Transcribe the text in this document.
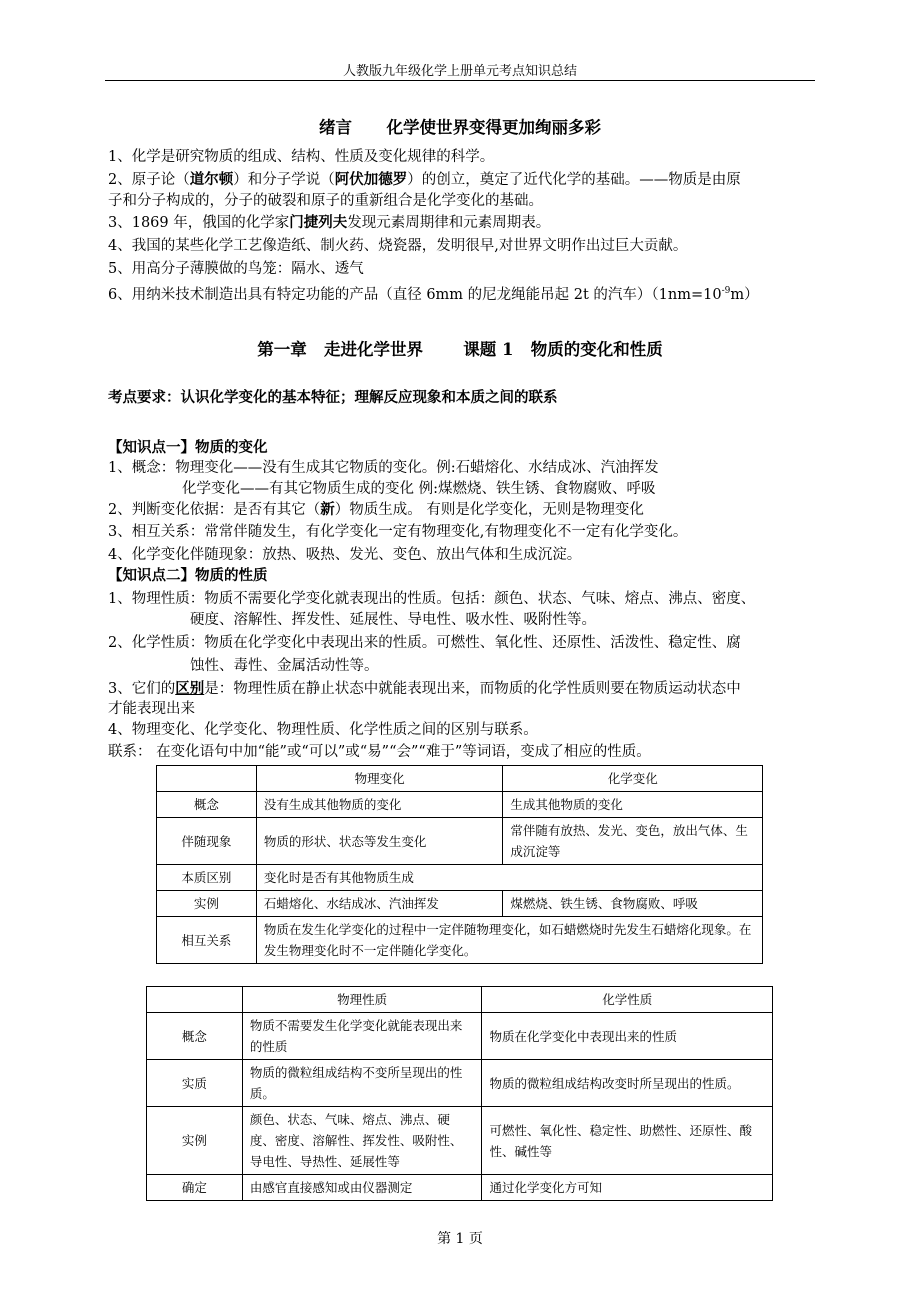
人教版九年级化学上册单元考点知识总结
绪言      化学使世界变得更加绚丽多彩
1、化学是研究物质的组成、结构、性质及变化规律的科学。
2、原子论（道尔顿）和分子学说（阿伏加德罗）的创立，奠定了近代化学的基础。——物质是由原
子和分子构成的，分子的破裂和原子的重新组合是化学变化的基础。
3、1869 年，俄国的化学家门捷列夫发现元素周期律和元素周期表。
4、我国的某些化学工艺像造纸、制火药、烧瓷器，发明很早,对世界文明作出过巨大贡献。
5、用高分子薄膜做的鸟笼：隔水、透气
6、用纳米技术制造出具有特定功能的产品（直径 6mm 的尼龙绳能吊起 2t 的汽车）$(1nm=10^{-9}m)$
第一章   走进化学世界       课题 1   物质的变化和性质
考点要求：认识化学变化的基本特征；理解反应现象和本质之间的联系
【知识点一】物质的变化
1、概念：物理变化——没有生成其它物质的变化。例:石蜡熔化、水结成冰、汽油挥发
化学变化——有其它物质生成的变化 例:煤燃烧、铁生锈、食物腐败、呼吸
2、判断变化依据：是否有其它（新）物质生成。 有则是化学变化，无则是物理变化
3、相互关系：常常伴随发生，有化学变化一定有物理变化,有物理变化不一定有化学变化。
4、化学变化伴随现象：放热、吸热、发光、变色、放出气体和生成沉淀。
【知识点二】物质的性质
1、物理性质：物质不需要化学变化就表现出的性质。包括：颜色、状态、气味、熔点、沸点、密度、
硬度、溶解性、挥发性、延展性、导电性、吸水性、吸附性等。
2、化学性质：物质在化学变化中表现出来的性质。可燃性、氧化性、还原性、活泼性、稳定性、腐
蚀性、毒性、金属活动性等。
3、它们的区别是：物理性质在静止状态中就能表现出来，而物质的化学性质则要在物质运动状态中
才能表现出来
4、物理变化、化学变化、物理性质、化学性质之间的区别与联系。
联系： 在变化语句中加“能”或“可以”或“易”“会”“难于”等词语，变成了相应的性质。
	物理变化	化学变化
概念	没有生成其他物质的变化	生成其他物质的变化
伴随现象	物质的形状、状态等发生变化	常伴随有放热、发光、变色，放出气体、生成沉淀等
本质区别	变化时是否有其他物质生成	
实例	石蜡熔化、水结成冰、汽油挥发	煤燃烧、铁生锈、食物腐败、呼吸
相互关系	物质在发生化学变化的过程中一定伴随物理变化，如石蜡燃烧时先发生石蜡熔化现象。在发生物理变化时不一定伴随化学变化。	
	物理性质	化学性质
概念	物质不需要发生化学变化就能表现出来的性质	物质在化学变化中表现出来的性质
实质	物质的微粒组成结构不变所呈现出的性质。	物质的微粒组成结构改变时所呈现出的性质。
实例	颜色、状态、气味、熔点、沸点、硬度、密度、溶解性、挥发性、吸附性、导电性、导热性、延展性等	可燃性、氧化性、稳定性、助燃性、还原性、酸性、碱性等
确定	由感官直接感知或由仪器测定	通过化学变化方可知
第 1 页
